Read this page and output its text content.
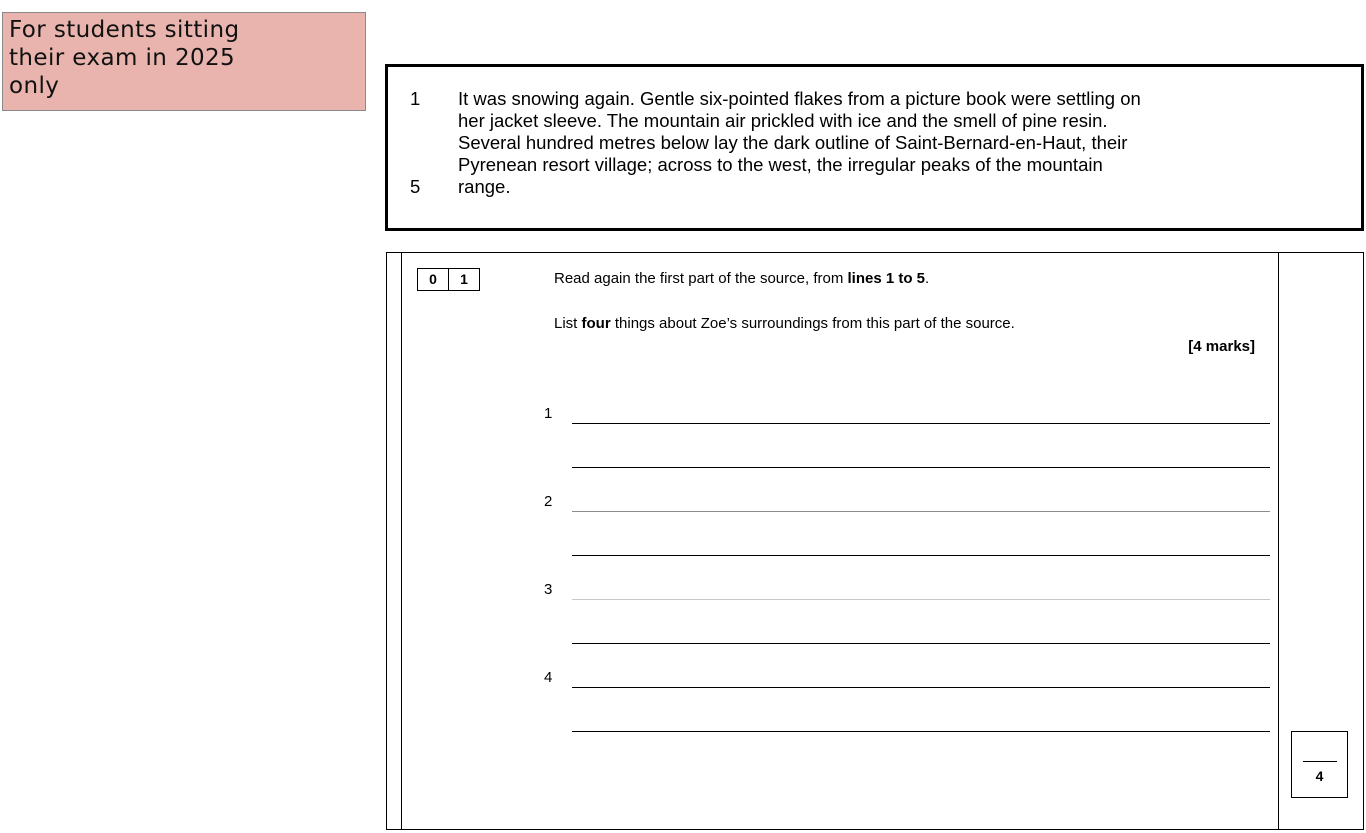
For students sitting
their exam in 2025
only	1 It was snowing again. Gentle six-pointed flakes from a picture book were settling on
her jacket sleeve. The mountain air prickled with ice and the smell of pine resin.
Several hundred metres below lay the dark outline of Saint-Bernard-en-Haut, their
Pyrenean resort village; across to the west, the irregular peaks of the mountain
5 range.
0	1	Read again the first part of the source, from lines 1 to 5.
List four things about Zoe’s surroundings from this part of the source.
[4 marks]
1
2
3
4
4
